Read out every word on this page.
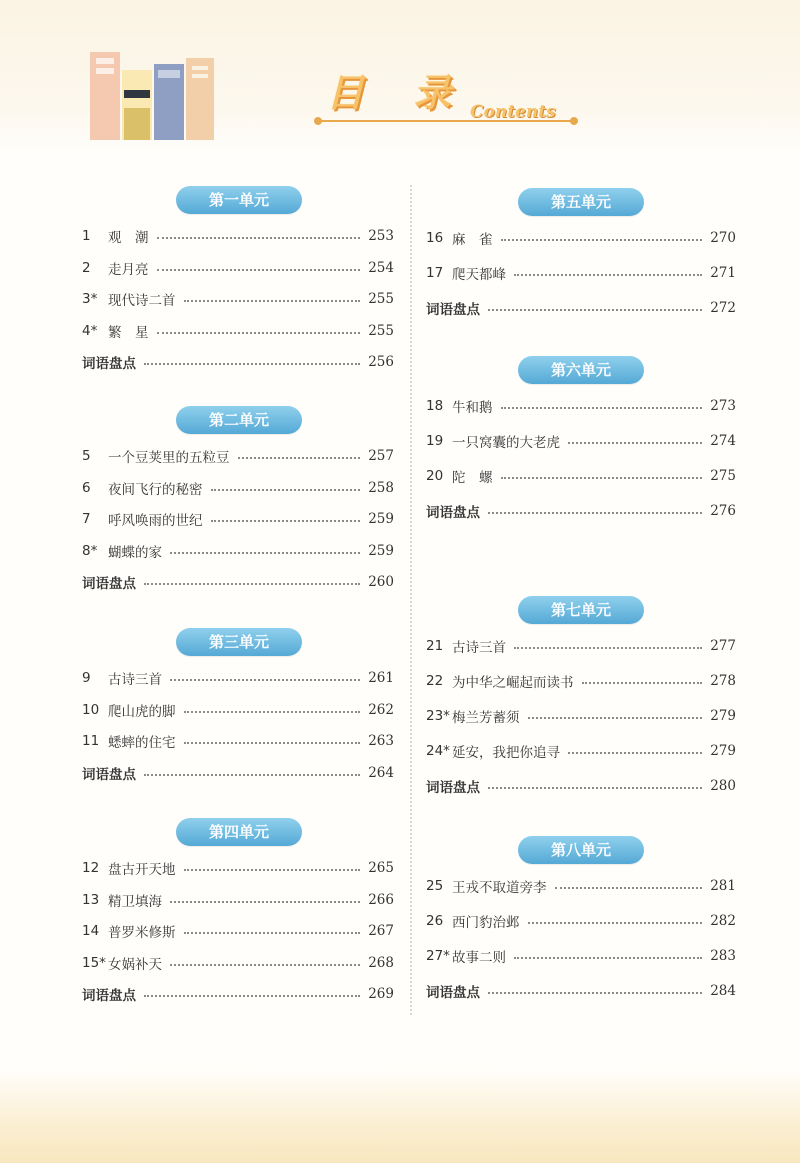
目 录 Contents
第一单元
1	观　潮	253
2	走月亮	254
3* 现代诗二首	255
4* 繁　星	255
词语盘点	256
第二单元
5	一个豆荚里的五粒豆	257
6	夜间飞行的秘密	258
7	呼风唤雨的世纪	259
8* 蝴蝶的家	259
词语盘点	260
第三单元
9	古诗三首	261
10 爬山虎的脚	262
11 蟋蟀的住宅	263
词语盘点	264
第四单元
12 盘古开天地	265
13 精卫填海	266
14 普罗米修斯	267
15* 女娲补天	268
词语盘点	269
第五单元
16 麻　雀	270
17 爬天都峰	271
词语盘点	272
第六单元
18 牛和鹅	273
19 一只窝囊的大老虎	274
20 陀　螺	275
词语盘点	276
第七单元
21 古诗三首	277
22 为中华之崛起而读书	278
23* 梅兰芳蓄须	279
24* 延安，我把你追寻	279
词语盘点	280
第八单元
25 王戎不取道旁李	281
26 西门豹治邺	282
27* 故事二则	283
词语盘点	284
